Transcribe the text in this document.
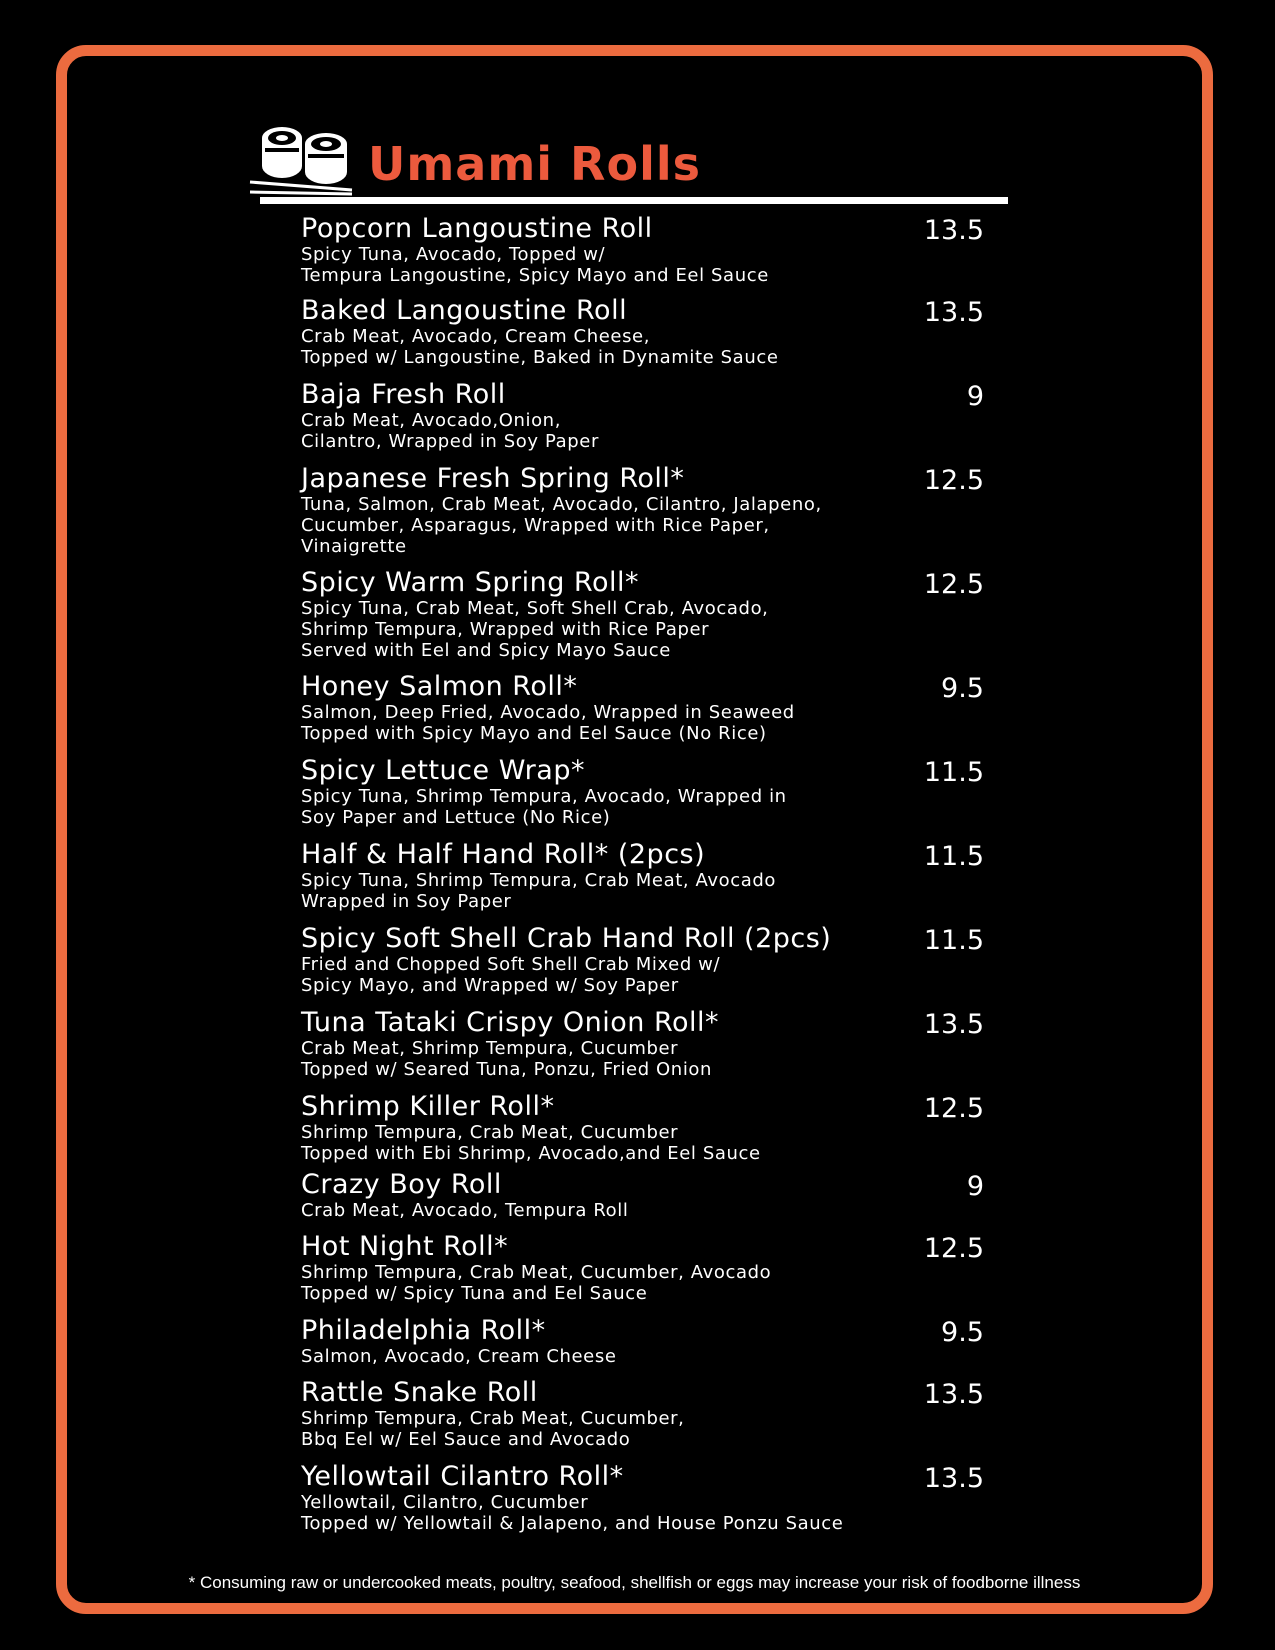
Umami Rolls
Popcorn Langoustine Roll
Spicy Tuna, Avocado, Topped w/
Tempura Langoustine, Spicy Mayo and Eel Sauce
13.5
Baked Langoustine Roll
Crab Meat, Avocado, Cream Cheese,
Topped w/ Langoustine, Baked in Dynamite Sauce
13.5
Baja Fresh Roll
Crab Meat, Avocado,Onion,
Cilantro, Wrapped in Soy Paper
9
Japanese Fresh Spring Roll*
Tuna, Salmon, Crab Meat, Avocado, Cilantro, Jalapeno,
Cucumber, Asparagus, Wrapped with Rice Paper,
Vinaigrette
12.5
Spicy Warm Spring Roll*
Spicy Tuna, Crab Meat, Soft Shell Crab, Avocado,
Shrimp Tempura, Wrapped with Rice Paper
Served with Eel and Spicy Mayo Sauce
12.5
Honey Salmon Roll*
Salmon, Deep Fried, Avocado, Wrapped in Seaweed
Topped with Spicy Mayo and Eel Sauce (No Rice)
9.5
Spicy Lettuce Wrap*
Spicy Tuna, Shrimp Tempura, Avocado, Wrapped in
Soy Paper and Lettuce (No Rice)
11.5
Half & Half Hand Roll* (2pcs)
Spicy Tuna, Shrimp Tempura, Crab Meat, Avocado
Wrapped in Soy Paper
11.5
Spicy Soft Shell Crab Hand Roll (2pcs)
Fried and Chopped Soft Shell Crab Mixed w/
Spicy Mayo, and Wrapped w/ Soy Paper
11.5
Tuna Tataki Crispy Onion Roll*
Crab Meat, Shrimp Tempura, Cucumber
Topped w/ Seared Tuna, Ponzu, Fried Onion
13.5
Shrimp Killer Roll*
Shrimp Tempura, Crab Meat, Cucumber
Topped with Ebi Shrimp, Avocado,and Eel Sauce
12.5
Crazy Boy Roll
Crab Meat, Avocado, Tempura Roll
9
Hot Night Roll*
Shrimp Tempura, Crab Meat, Cucumber, Avocado
Topped w/ Spicy Tuna and Eel Sauce
12.5
Philadelphia Roll*
Salmon, Avocado, Cream Cheese
9.5
Rattle Snake Roll
Shrimp Tempura, Crab Meat, Cucumber,
Bbq Eel w/ Eel Sauce and Avocado
13.5
Yellowtail Cilantro Roll*
Yellowtail, Cilantro, Cucumber
Topped w/ Yellowtail & Jalapeno, and House Ponzu Sauce
13.5
* Consuming raw or undercooked meats, poultry, seafood, shellfish or eggs may increase your risk of foodborne illness
